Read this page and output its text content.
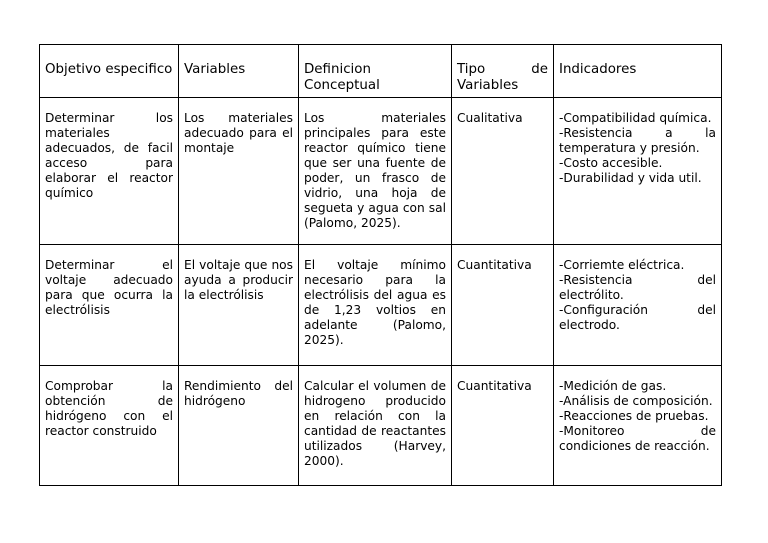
Objetivo especifico	Variables	Definicion Conceptual	Tipo de Variables	Indicadores
Determinar los materiales adecuados, de facil acceso para elaborar el reactor químico	Los materiales adecuado para el montaje	Los materiales principales para este reactor químico tiene que ser una fuente de poder, un frasco de vidrio, una hoja de segueta y agua con sal (Palomo, 2025).	Cualitativa	-Compatibilidad química.
-Resistencia a la temperatura y presión.
-Costo accesible.
-Durabilidad y vida util.

Determinar el voltaje adecuado para que ocurra la electrólisis	El voltaje que nos ayuda a producir la electrólisis	El voltaje mínimo necesario para la electrólisis del agua es de 1,23 voltios en adelante (Palomo, 2025).	Cuantitativa	-Corriemte eléctrica.
-Resistencia del electrólito.
-Configuración del electrodo.

Comprobar la obtención de hidrógeno con el reactor construido	Rendimiento del hidrógeno	Calcular el volumen de hidrogeno producido en relación con la cantidad de reactantes utilizados (Harvey, 2000).	Cuantitativa	-Medición de gas.
-Análisis de composición.
-Reacciones de pruebas.
-Monitoreo de condiciones de reacción.
